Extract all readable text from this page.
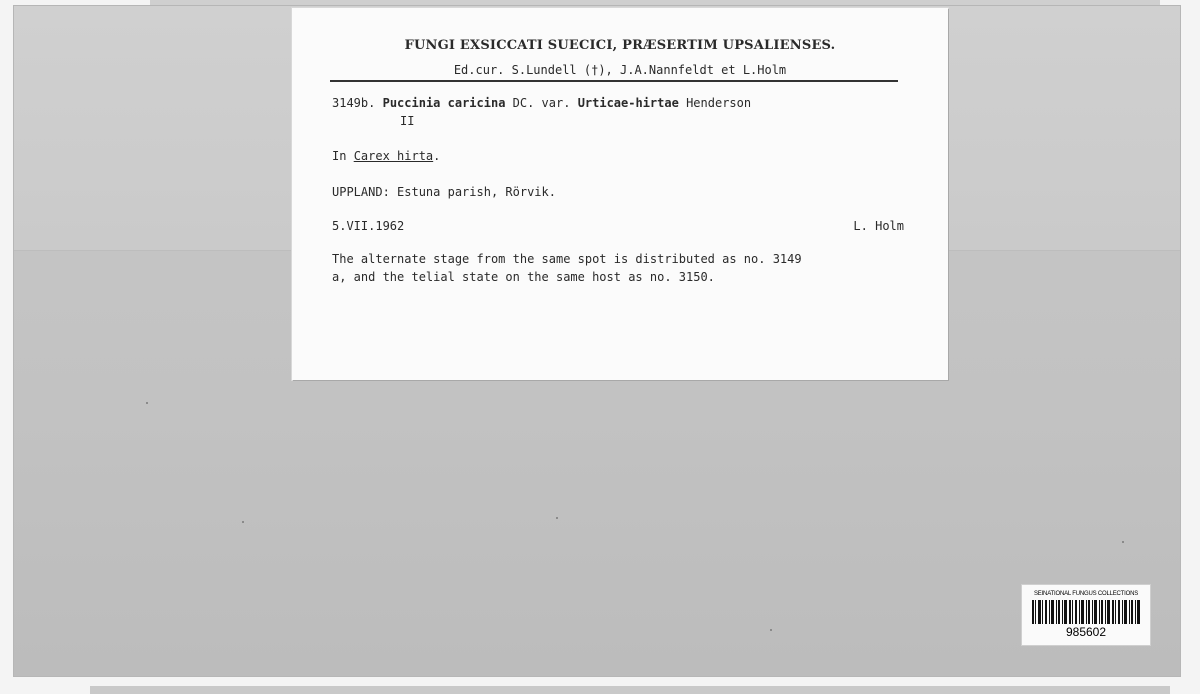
FUNGI EXSICCATI SUECICI, PRÆSERTIM UPSALIENSES.
Ed.cur. S.Lundell (†), J.A.Nannfeldt et L.Holm
3149b. Puccinia caricina DC. var. Urticae-hirtae Henderson
II
In Carex hirta.
UPPLAND: Estuna parish, Rörvik.
5.VII.1962	L. Holm
The alternate stage from the same spot is distributed as no. 3149
a, and the telial state on the same host as no. 3150.
SEINATIONAL FUNGUS COLLECTIONS
985602
